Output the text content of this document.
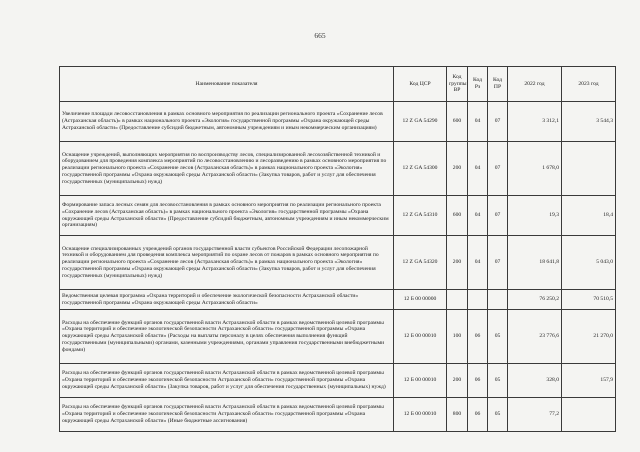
665
Наименование показателя	Код ЦСР	Код группы ВР	Код Рз	Код ПР	2022 год	2023 год
Увеличение площади лесовосстановления в рамках основного мероприятия по реализации регионального проекта «Сохранение лесов (Астраханская область)» в рамках национального проекта «Экология» государственной программы «Охрана окружающей среды Астраханской области» (Предоставление субсидий бюджетным, автономным учреждениям и иным некоммерческим организациям)	12 Z GA 54290	600	04	07	3 312,1	3 544,3
Оснащение учреждений, выполняющих мероприятия по воспроизводству лесов, специализированной лесохозяйственной техникой и оборудованием для проведения комплекса мероприятий по лесовосстановлению и лесоразведению в рамках основного мероприятия по реализации регионального проекта «Сохранение лесов (Астраханская область)» в рамках национального проекта «Экология» государственной программы «Охрана окружающей среды Астраханской области» (Закупка товаров, работ и услуг для обеспечения государственных (муниципальных) нужд)	12 Z GA 54300	200	04	07	1 678,0	
Формирование запаса лесных семян для лесовосстановления в рамках основного мероприятия по реализации регионального проекта «Сохранение лесов (Астраханская область)» в рамках национального проекта «Экология» государственной программы «Охрана окружающей среды Астраханской области» (Предоставление субсидий бюджетным, автономным учреждениям и иным некоммерческим организациям)	12 Z GA 54310	600	04	07	19,3	18,4
Оснащение специализированных учреждений органов государственной власти субъектов Российской Федерации лесопожарной техникой и оборудованием для проведения комплекса мероприятий по охране лесов от пожаров в рамках основного мероприятия по реализации регионального проекта «Сохранение лесов (Астраханская область)» в рамках национального проекта «Экология» государственной программы «Охрана окружающей среды Астраханской области» (Закупка товаров, работ и услуг для обеспечения государственных (муниципальных) нужд)	12 Z GA 54320	200	04	07	18 641,8	5 043,0
Ведомственная целевая программа «Охрана территорий и обеспечение экологической безопасности Астраханской области» государственной программы «Охрана окружающей среды Астраханской области»	12 Б 00 00000				76 250,2	70 510,5
Расходы на обеспечение функций органов государственной власти Астраханской области в рамках ведомственной целевой программы «Охрана территорий и обеспечение экологической безопасности Астраханской области» государственной программы «Охрана окружающей среды Астраханской области» (Расходы на выплаты персоналу в целях обеспечения выполнения функций государственными (муниципальными) органами, казенными учреждениями, органами управления государственными внебюджетными фондами)	12 Б 00 00010	100	06	05	23 776,6	21 270,0
Расходы на обеспечение функций органов государственной власти Астраханской области в рамках ведомственной целевой программы «Охрана территорий и обеспечение экологической безопасности Астраханской области» государственной программы «Охрана окружающей среды Астраханской области» (Закупка товаров, работ и услуг для обеспечения государственных (муниципальных) нужд)	12 Б 00 00010	200	06	05	328,0	157,9
Расходы на обеспечение функций органов государственной власти Астраханской области в рамках ведомственной целевой программы «Охрана территорий и обеспечение экологической безопасности Астраханской области» государственной программы «Охрана окружающей среды Астраханской области» (Иные бюджетные ассигнования)	12 Б 00 00010	800	06	05	77,2	
